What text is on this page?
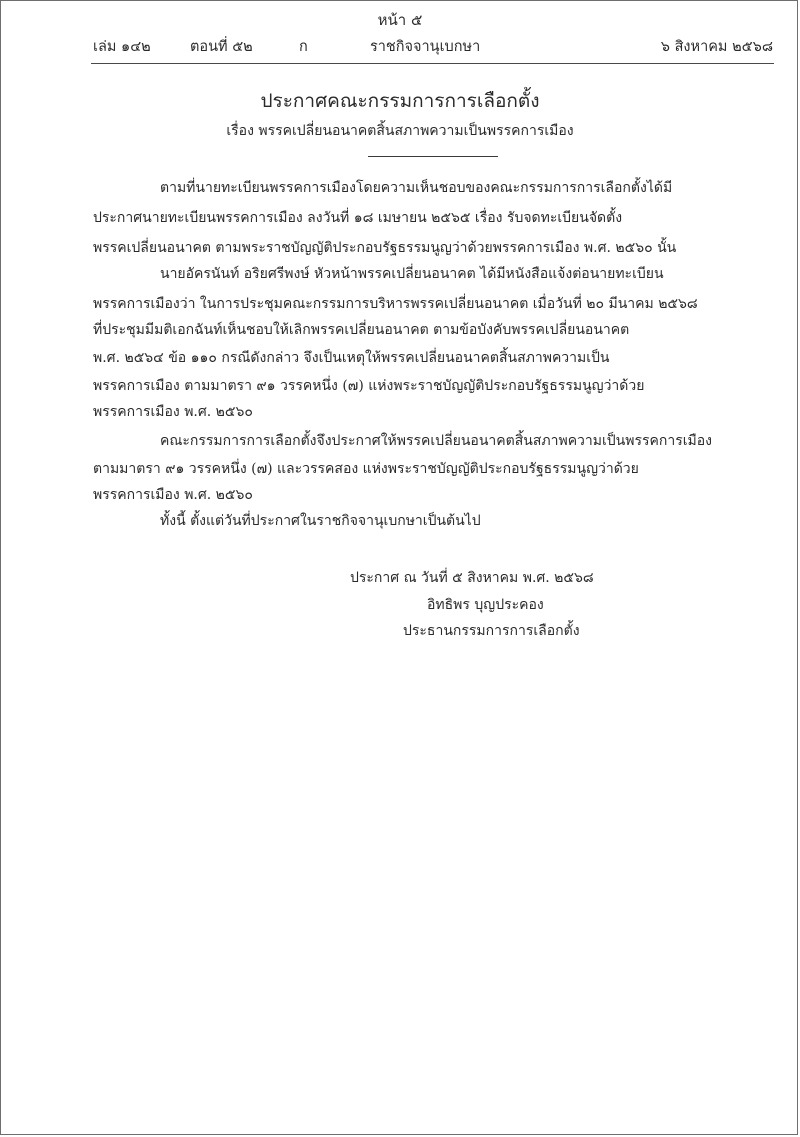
หน้า ๕
เล่ม ๑๔๒	ตอนที่ ๕๒	ก	ราชกิจจานุเบกษา	๖ สิงหาคม ๒๕๖๘
ประกาศคณะกรรมการการเลือกตั้ง
เรื่อง พรรคเปลี่ยนอนาคตสิ้นสภาพความเป็นพรรคการเมือง
ตามที่นายทะเบียนพรรคการเมืองโดยความเห็นชอบของคณะกรรมการการเลือกตั้งได้มี
ประกาศนายทะเบียนพรรคการเมือง ลงวันที่ ๑๘ เมษายน ๒๕๖๕ เรื่อง รับจดทะเบียนจัดตั้ง
พรรคเปลี่ยนอนาคต ตามพระราชบัญญัติประกอบรัฐธรรมนูญว่าด้วยพรรคการเมือง พ.ศ. ๒๕๖๐ นั้น
นายอัครนันท์ อริยศรีพงษ์ หัวหน้าพรรคเปลี่ยนอนาคต ได้มีหนังสือแจ้งต่อนายทะเบียน
พรรคการเมืองว่า ในการประชุมคณะกรรมการบริหารพรรคเปลี่ยนอนาคต เมื่อวันที่ ๒๐ มีนาคม ๒๕๖๘
ที่ประชุมมีมติเอกฉันท์เห็นชอบให้เลิกพรรคเปลี่ยนอนาคต ตามข้อบังคับพรรคเปลี่ยนอนาคต
พ.ศ. ๒๕๖๔ ข้อ ๑๑๐ กรณีดังกล่าว จึงเป็นเหตุให้พรรคเปลี่ยนอนาคตสิ้นสภาพความเป็น
พรรคการเมือง ตามมาตรา ๙๑ วรรคหนึ่ง (๗) แห่งพระราชบัญญัติประกอบรัฐธรรมนูญว่าด้วย
พรรคการเมือง พ.ศ. ๒๕๖๐
คณะกรรมการการเลือกตั้งจึงประกาศให้พรรคเปลี่ยนอนาคตสิ้นสภาพความเป็นพรรคการเมือง
ตามมาตรา ๙๑ วรรคหนึ่ง (๗) และวรรคสอง แห่งพระราชบัญญัติประกอบรัฐธรรมนูญว่าด้วย
พรรคการเมือง พ.ศ. ๒๕๖๐
ทั้งนี้ ตั้งแต่วันที่ประกาศในราชกิจจานุเบกษาเป็นต้นไป
ประกาศ ณ วันที่ ๕ สิงหาคม พ.ศ. ๒๕๖๘
อิทธิพร บุญประคอง
ประธานกรรมการการเลือกตั้ง
